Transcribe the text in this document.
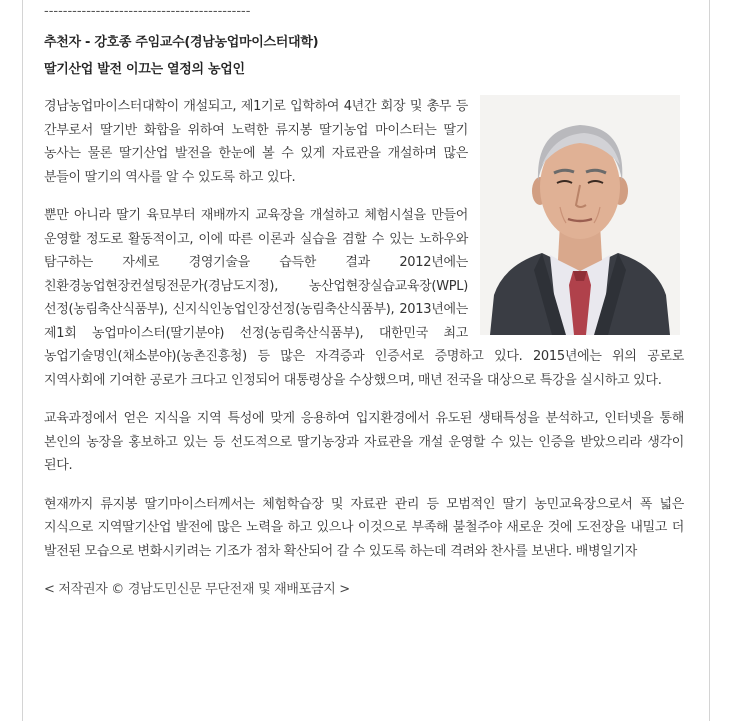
--------------------------------------------
추천자 - 강호종 주임교수(경남농업마이스터대학)
딸기산업 발전 이끄는 열정의 농업인

경남농업마이스터대학이 개설되고, 제1기로 입학하여 4년간 회장 및 총무 등 간부로서 딸기반 화합을 위하여 노력한 류지봉 딸기농업 마이스터는 딸기 농사는 물론 딸기산업 발전을 한눈에 볼 수 있게 자료관을 개설하며 많은 분들이 딸기의 역사를 알 수 있도록 하고 있다.

뿐만 아니라 딸기 육묘부터 재배까지 교육장을 개설하고 체험시설을 만들어 운영할 정도로 활동적이고, 이에 따른 이론과 실습을 겸할 수 있는 노하우와 탐구하는 자세로 경영기술을 습득한 결과 2012년에는 친환경농업현장컨설팅전문가(경남도지정), 농산업현장실습교육장(WPL) 선정(농림축산식품부), 신지식인농업인장선정(농림축산식품부), 2013년에는 제1회 농업마이스터(딸기분야) 선정(농림축산식품부), 대한민국 최고 농업기술명인(채소분야)(농촌진흥청) 등 많은 자격증과 인증서로 증명하고 있다. 2015년에는 위의 공로로 지역사회에 기여한 공로가 크다고 인정되어 대통령상을 수상했으며, 매년 전국을 대상으로 특강을 실시하고 있다.

교육과정에서 얻은 지식을 지역 특성에 맞게 응용하여 입지환경에서 유도된 생태특성을 분석하고, 인터넷을 통해 본인의 농장을 홍보하고 있는 등 선도적으로 딸기농장과 자료관을 개설 운영할 수 있는 인증을 받았으리라 생각이 된다.

현재까지 류지봉 딸기마이스터께서는 체험학습장 및 자료관 관리 등 모범적인 딸기 농민교육장으로서 폭 넓은 지식으로 지역딸기산업 발전에 많은 노력을 하고 있으나 이것으로 부족해 불철주야 새로운 것에 도전장을 내밀고 더 발전된 모습으로 변화시키려는 기조가 점차 확산되어 갈 수 있도록 하는데 격려와 찬사를 보낸다. 배병일기자

< 저작권자 © 경남도민신문 무단전재 및 재배포금지 >
